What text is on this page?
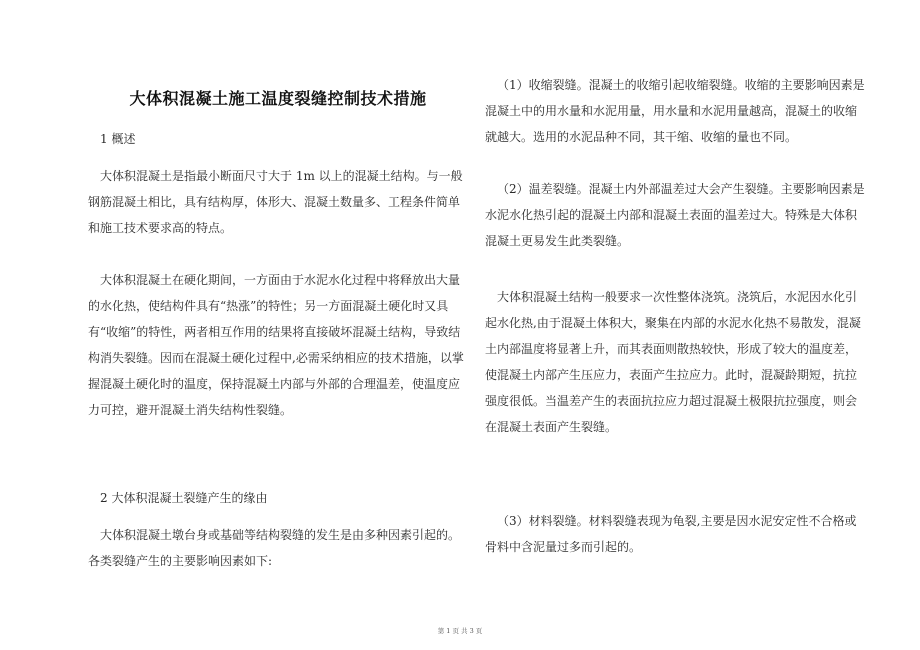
大体积混凝土施工温度裂缝控制技术措施

1 概述

大体积混凝土是指最小断面尺寸大于 1m 以上的混凝土结构。与一般钢筋混凝土相比，具有结构厚，体形大、混凝土数量多、工程条件简单和施工技术要求高的特点。

大体积混凝土在硬化期间，一方面由于水泥水化过程中将释放出大量的水化热，使结构件具有“热涨”的特性；另一方面混凝土硬化时又具有“收缩”的特性，两者相互作用的结果将直接破坏混凝土结构，导致结构消失裂缝。因而在混凝土硬化过程中,必需采纳相应的技术措施，以掌握混凝土硬化时的温度，保持混凝土内部与外部的合理温差，使温度应力可控，避开混凝土消失结构性裂缝。

2 大体积混凝土裂缝产生的缘由

大体积混凝土墩台身或基础等结构裂缝的发生是由多种因素引起的。各类裂缝产生的主要影响因素如下:

（1）收缩裂缝。混凝土的收缩引起收缩裂缝。收缩的主要影响因素是混凝土中的用水量和水泥用量，用水量和水泥用量越高，混凝土的收缩就越大。选用的水泥品种不同，其干缩、收缩的量也不同。

（2）温差裂缝。混凝土内外部温差过大会产生裂缝。主要影响因素是水泥水化热引起的混凝土内部和混凝土表面的温差过大。特殊是大体积混凝土更易发生此类裂缝。

大体积混凝土结构一般要求一次性整体浇筑。浇筑后，水泥因水化引起水化热,由于混凝土体积大，聚集在内部的水泥水化热不易散发，混凝土内部温度将显著上升，而其表面则散热较快，形成了较大的温度差，使混凝土内部产生压应力，表面产生拉应力。此时，混凝龄期短，抗拉强度很低。当温差产生的表面抗拉应力超过混凝土极限抗拉强度，则会在混凝土表面产生裂缝。

（3）材料裂缝。材料裂缝表现为龟裂,主要是因水泥安定性不合格或骨料中含泥量过多而引起的。

第 1 页 共 3 页
